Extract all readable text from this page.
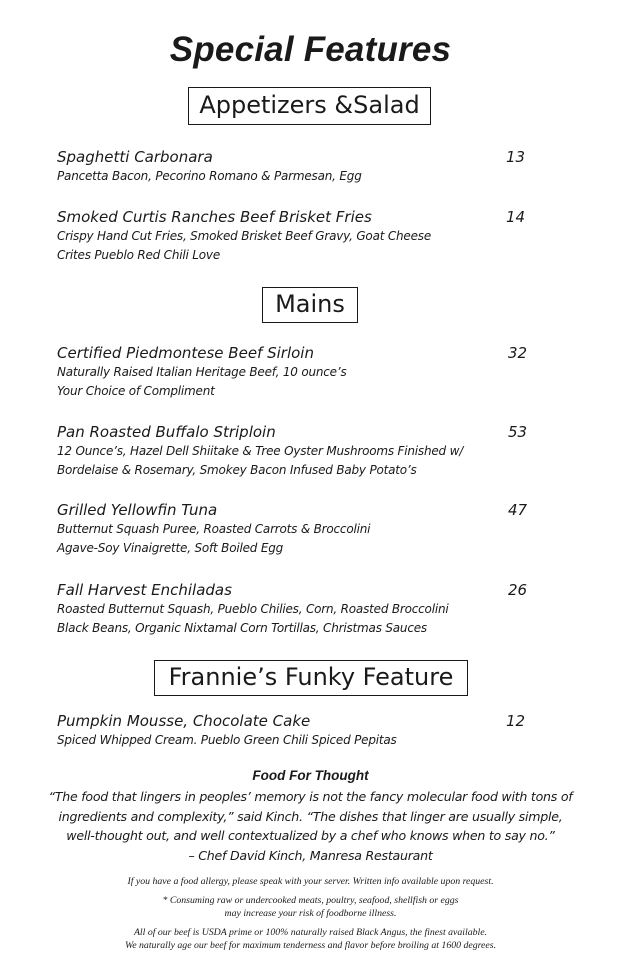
Special Features
Appetizers &Salad
Spaghetti Carbonara
Pancetta Bacon, Pecorino Romano & Parmesan, Egg
13
Smoked Curtis Ranches Beef Brisket Fries
Crispy Hand Cut Fries, Smoked Brisket Beef Gravy, Goat Cheese
Crites Pueblo Red Chili Love
14
Mains
Certified Piedmontese Beef Sirloin
Naturally Raised Italian Heritage Beef, 10 ounce’s
Your Choice of Compliment
32
Pan Roasted Buffalo Striploin
12 Ounce’s, Hazel Dell Shiitake & Tree Oyster Mushrooms Finished w/
Bordelaise & Rosemary, Smokey Bacon Infused Baby Potato’s
53
Grilled Yellowfin Tuna
Butternut Squash Puree, Roasted Carrots & Broccolini
Agave-Soy Vinaigrette, Soft Boiled Egg
47
Fall Harvest Enchiladas
Roasted Butternut Squash, Pueblo Chilies, Corn, Roasted Broccolini
Black Beans, Organic Nixtamal Corn Tortillas, Christmas Sauces
26
Frannie’s Funky Feature
Pumpkin Mousse, Chocolate Cake
Spiced Whipped Cream. Pueblo Green Chili Spiced Pepitas
12
Food For Thought
“The food that lingers in peoples’ memory is not the fancy molecular food with tons of
ingredients and complexity,” said Kinch. “The dishes that linger are usually simple,
well-thought out, and well contextualized by a chef who knows when to say no.”
– Chef David Kinch, Manresa Restaurant
If you have a food allergy, please speak with your server. Written info available upon request.
* Consuming raw or undercooked meats, poultry, seafood, shellfish or eggs
may increase your risk of foodborne illness.
All of our beef is USDA prime or 100% naturally raised Black Angus, the finest available.
We naturally age our beef for maximum tenderness and flavor before broiling at 1600 degrees.
